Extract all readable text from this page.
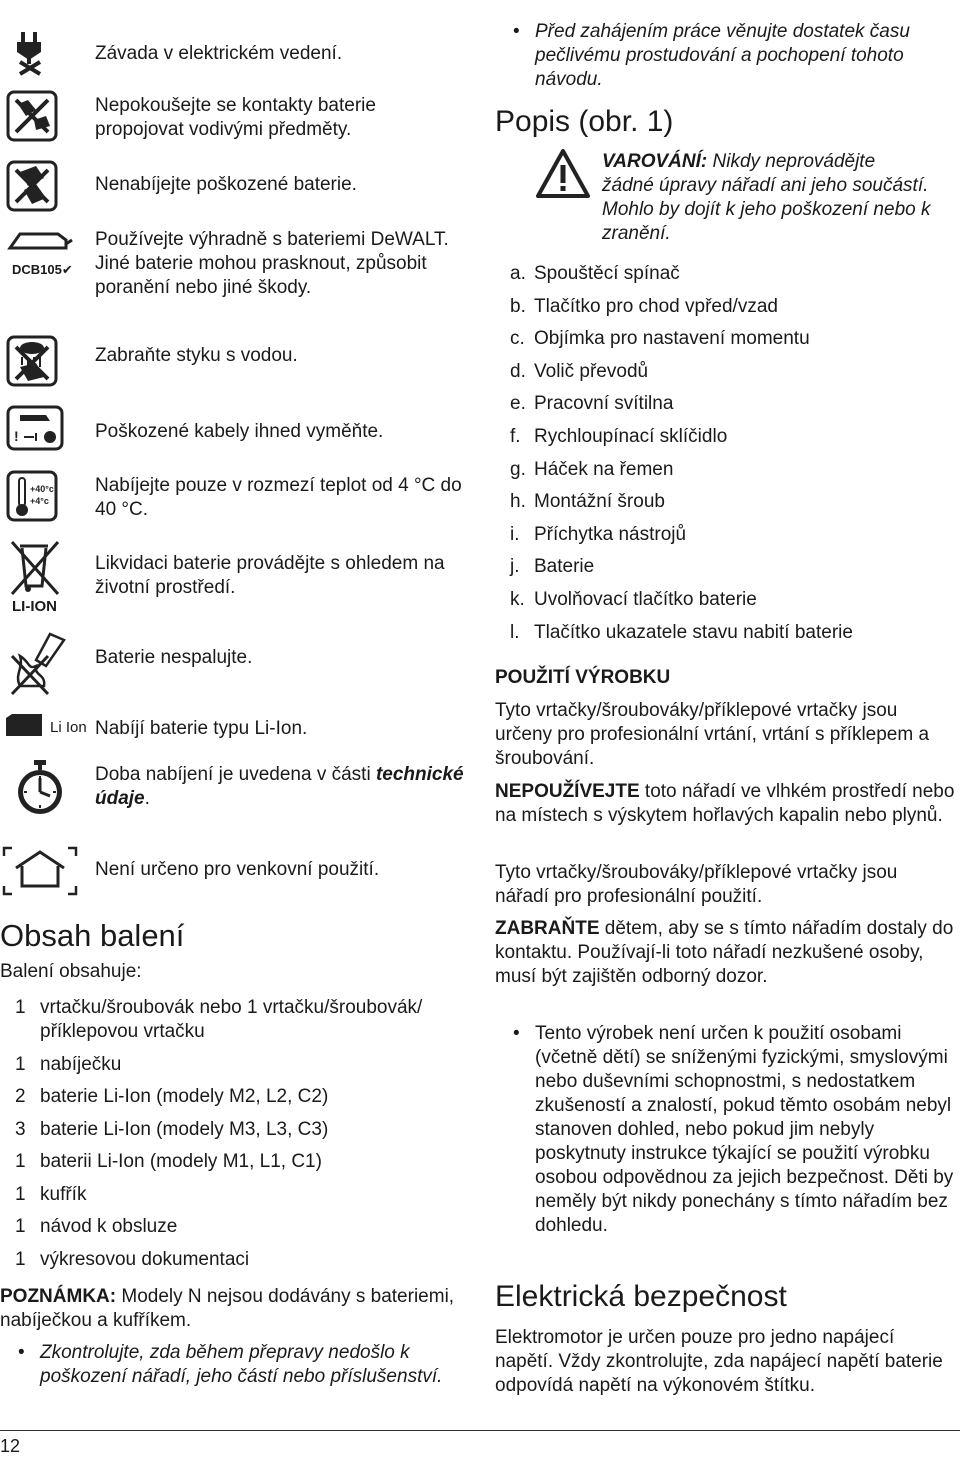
Závada v elektrickém vedení.
Nepokoušejte se kontakty baterie propojovat vodivými předměty.
Nenabíjejte poškozené baterie.
DCB105✔
Používejte výhradně s bateriemi DeWALT. Jiné baterie mohou prasknout, způsobit poranění nebo jiné škody.
Zabraňte styku s vodou.
!	Poškozené kabely ihned vyměňte.
+40°c
+4°c
Nabíjejte pouze v rozmezí teplot od 4 °C do 40 °C.
LI-ION
Likvidaci baterie provádějte s ohledem na životní prostředí.
Baterie nespalujte.
Li Ion Nabíjí baterie typu Li-Ion.
Doba nabíjení je uvedena v části technické údaje.
Není určeno pro venkovní použití.
Obsah balení
Balení obsahuje:
1 vrtačku/šroubovák nebo 1 vrtačku/šroubovák/ příklepovou vrtačku
1 nabíječku
2 baterie Li-Ion (modely M2, L2, C2)
3 baterie Li-Ion (modely M3, L3, C3)
1 baterii Li-Ion (modely M1, L1, C1)
1 kufřík
1 návod k obsluze
1 výkresovou dokumentaci
POZNÁMKA: Modely N nejsou dodávány s bateriemi, nabíječkou a kufříkem.
• Zkontrolujte, zda během přepravy nedošlo k poškození nářadí, jeho částí nebo příslušenství.
• Před zahájením práce věnujte dostatek času pečlivému prostudování a pochopení tohoto návodu.
Popis (obr. 1)
VAROVÁNÍ: Nikdy neprovádějte žádné úpravy nářadí ani jeho součástí. Mohlo by dojít k jeho poškození nebo k zranění.
a. Spouštěcí spínač
b. Tlačítko pro chod vpřed/vzad
c. Objímka pro nastavení momentu
d. Volič převodů
e. Pracovní svítilna
f. Rychloupínací sklíčidlo
g. Háček na řemen
h. Montážní šroub
i. Příchytka nástrojů
j. Baterie
k. Uvolňovací tlačítko baterie
l. Tlačítko ukazatele stavu nabití baterie
POUŽITÍ VÝROBKU
Tyto vrtačky/šroubováky/příklepové vrtačky jsou určeny pro profesionální vrtání, vrtání s příklepem a šroubování.
NEPOUŽÍVEJTE toto nářadí ve vlhkém prostředí nebo na místech s výskytem hořlavých kapalin nebo plynů.
Tyto vrtačky/šroubováky/příklepové vrtačky jsou nářadí pro profesionální použití.
ZABRAŇTE dětem, aby se s tímto nářadím dostaly do kontaktu. Používají-li toto nářadí nezkušené osoby, musí být zajištěn odborný dozor.
• Tento výrobek není určen k použití osobami (včetně dětí) se sníženými fyzickými, smyslovými nebo duševními schopnostmi, s nedostatkem zkušeností a znalostí, pokud těmto osobám nebyl stanoven dohled, nebo pokud jim nebyly poskytnuty instrukce týkající se použití výrobku osobou odpovědnou za jejich bezpečnost. Děti by neměly být nikdy ponechány s tímto nářadím bez dohledu.
Elektrická bezpečnost
Elektromotor je určen pouze pro jedno napájecí napětí. Vždy zkontrolujte, zda napájecí napětí baterie odpovídá napětí na výkonovém štítku.
12
